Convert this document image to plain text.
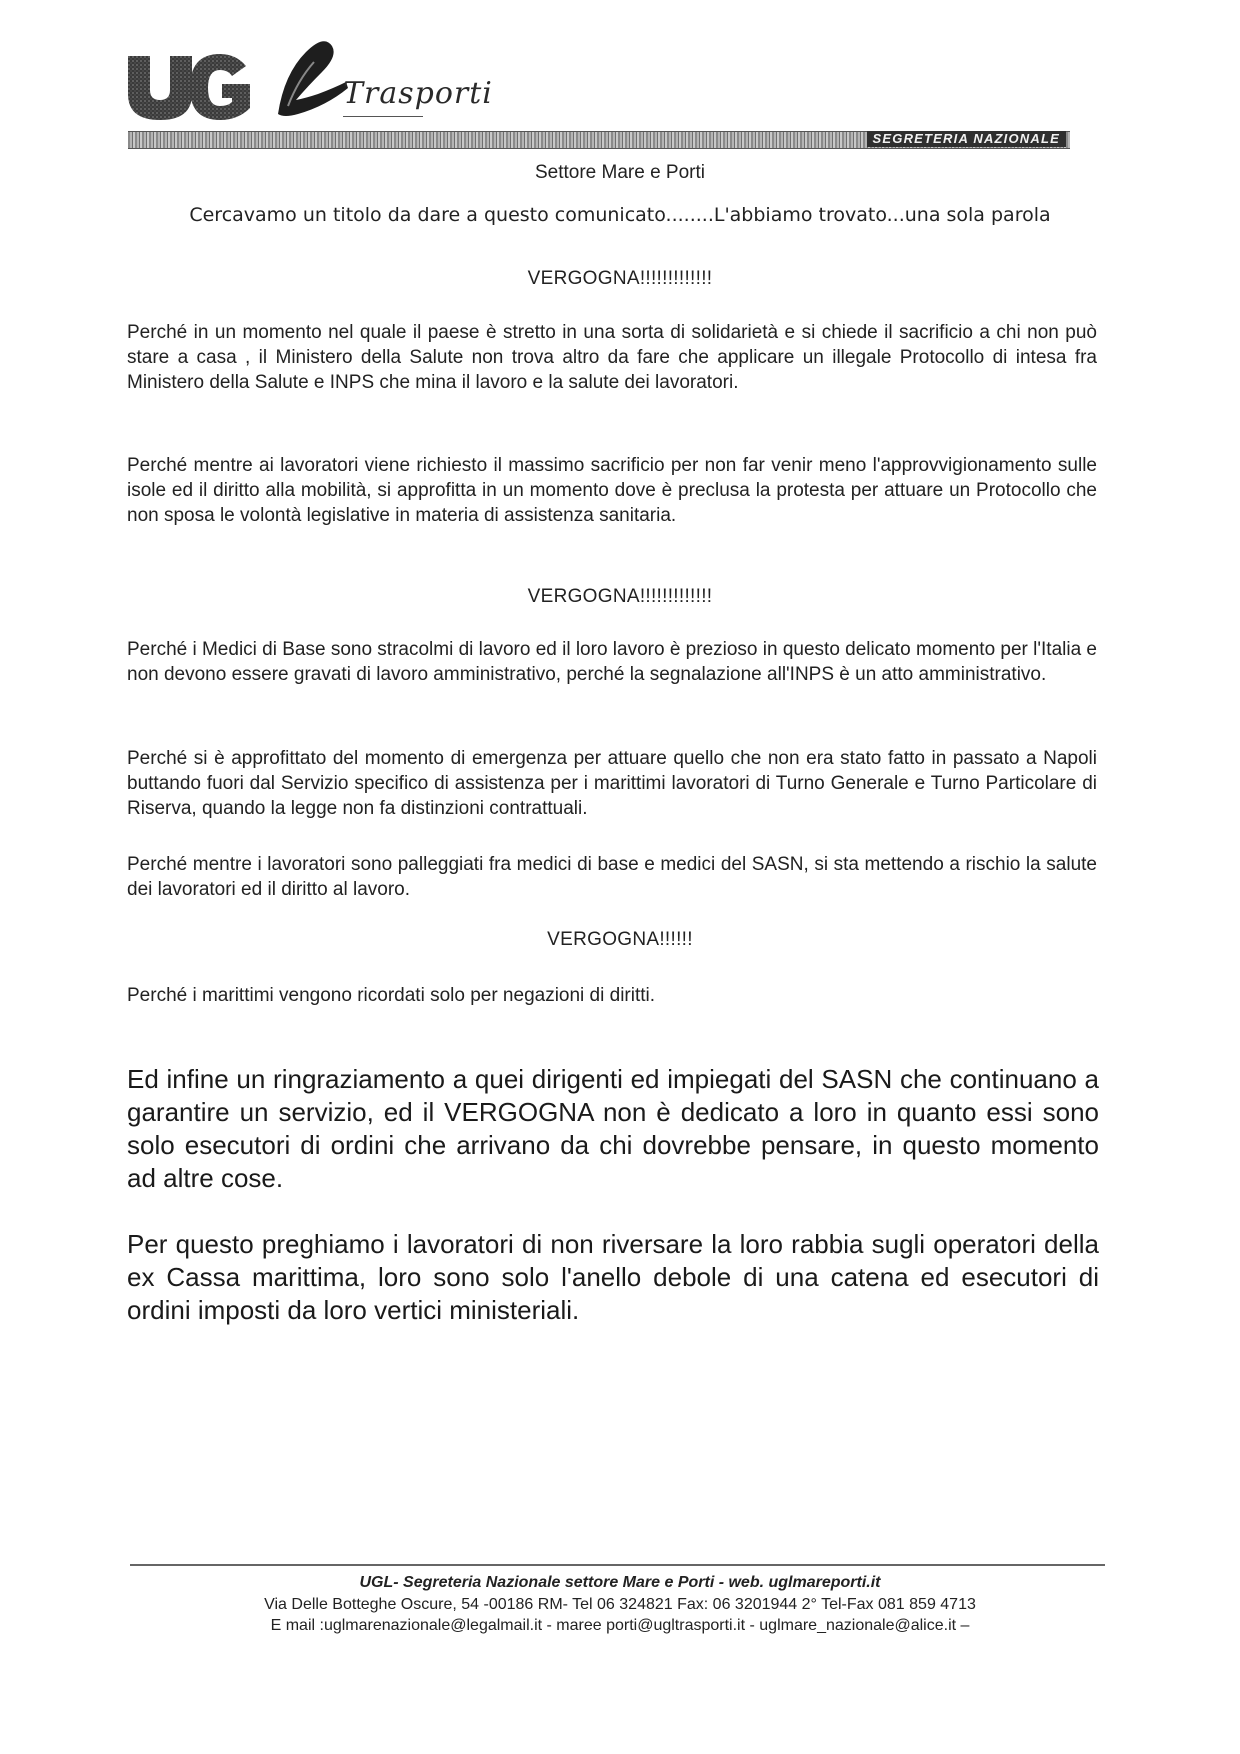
Trasporti
SEGRETERIA NAZIONALE
Settore Mare e Porti
Cercavamo un titolo da dare a questo comunicato........L'abbiamo trovato...una sola parola
VERGOGNA!!!!!!!!!!!!!
Perché in un momento nel quale il paese è stretto in una sorta di solidarietà e si chiede il sacrificio a chi non può stare a casa , il Ministero della Salute non trova altro da fare che applicare un illegale Protocollo di intesa fra Ministero della Salute e INPS che mina il lavoro e la salute dei lavoratori.
Perché mentre ai lavoratori viene richiesto il massimo sacrificio per non far venir meno l'approvvigionamento sulle isole ed il diritto alla mobilità, si approfitta in un momento dove è preclusa la protesta per attuare un Protocollo che non sposa le volontà legislative in materia di assistenza sanitaria.
VERGOGNA!!!!!!!!!!!!!
Perché i Medici di Base sono stracolmi di lavoro ed il loro lavoro è prezioso in questo delicato momento per l'Italia e non devono essere gravati di lavoro amministrativo, perché la segnalazione all'INPS è un atto amministrativo.
Perché si è approfittato del momento di emergenza per attuare quello che non era stato fatto in passato a Napoli buttando fuori dal Servizio specifico di assistenza per i marittimi lavoratori di Turno Generale e Turno Particolare di Riserva, quando la legge non fa distinzioni contrattuali.
Perché mentre i lavoratori sono palleggiati fra medici di base e medici del SASN, si sta mettendo a rischio la salute dei lavoratori ed il diritto al lavoro.
VERGOGNA!!!!!!
Perché i marittimi vengono ricordati solo per negazioni di diritti.
Ed infine un ringraziamento a quei dirigenti ed impiegati del SASN che continuano a garantire un servizio, ed il VERGOGNA non è dedicato a loro in quanto essi sono solo esecutori di ordini che arrivano da chi dovrebbe pensare, in questo momento ad altre cose.
Per questo preghiamo i lavoratori di non riversare la loro rabbia sugli operatori della ex Cassa marittima, loro sono solo l'anello debole di una catena ed esecutori di ordini imposti da loro vertici ministeriali.
UGL- Segreteria Nazionale settore Mare e Porti - web. uglmareporti.it
Via Delle Botteghe Oscure, 54 -00186 RM- Tel 06 324821 Fax: 06 3201944 2° Tel-Fax 081 859 4713
E mail :uglmarenazionale@legalmail.it - maree porti@ugltrasporti.it - uglmare_nazionale@alice.it –
